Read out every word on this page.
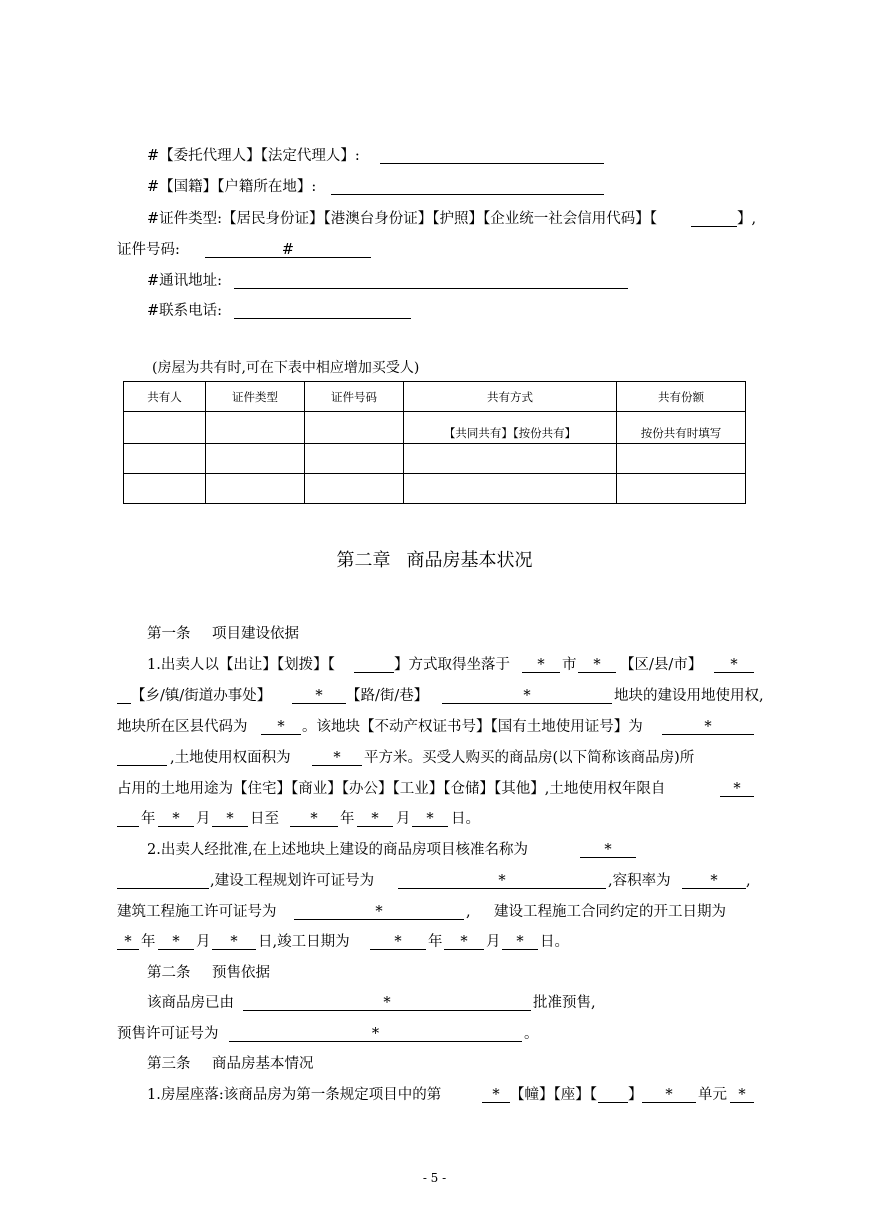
#【委托代理人】【法定代理人】:
#【国籍】【户籍所在地】:
#证件类型:【居民身份证】【港澳台身份证】【护照】【企业统一社会信用代码】【	】,
证件号码:	#
#通讯地址:
#联系电话:
(房屋为共有时,可在下表中相应增加买受人)
共有人	证件类型	证件号码	共有方式	共有份额
			【共同共有】【按份共有】	按份共有时填写

第二章 商品房基本状况
第一条 项目建设依据
1.出卖人以【出让】【划拨】【	】方式取得坐落于	*	市	*	【区/县/市】	*
【乡/镇/街道办事处】	*	【路/街/巷】	*	地块的建设用地使用权,
地块所在区县代码为	*	。该地块【不动产权证书号】【国有土地使用证号】为	*
,土地使用权面积为	*	平方米。买受人购买的商品房(以下简称该商品房)所
占用的土地用途为【住宅】【商业】【办公】【工业】【仓储】【其他】,土地使用权年限自	*
年	*	月	*	日至	*	年	*	月	*	日。
2.出卖人经批准,在上述地块上建设的商品房项目核准名称为	*
,建设工程规划许可证号为	*	,容积率为	*	,
建筑工程施工许可证号为	*	, 建设工程施工合同约定的开工日期为
* 年	*	月	*	日,竣工日期为	*	年	*	月	*	日。
第二条 预售依据
该商品房已由	*	批准预售,
预售许可证号为	*	。
第三条 商品房基本情况
1.房屋座落:该商品房为第一条规定项目中的第	* 【幢】【座】【 】	*	单元 *
- 5 -
